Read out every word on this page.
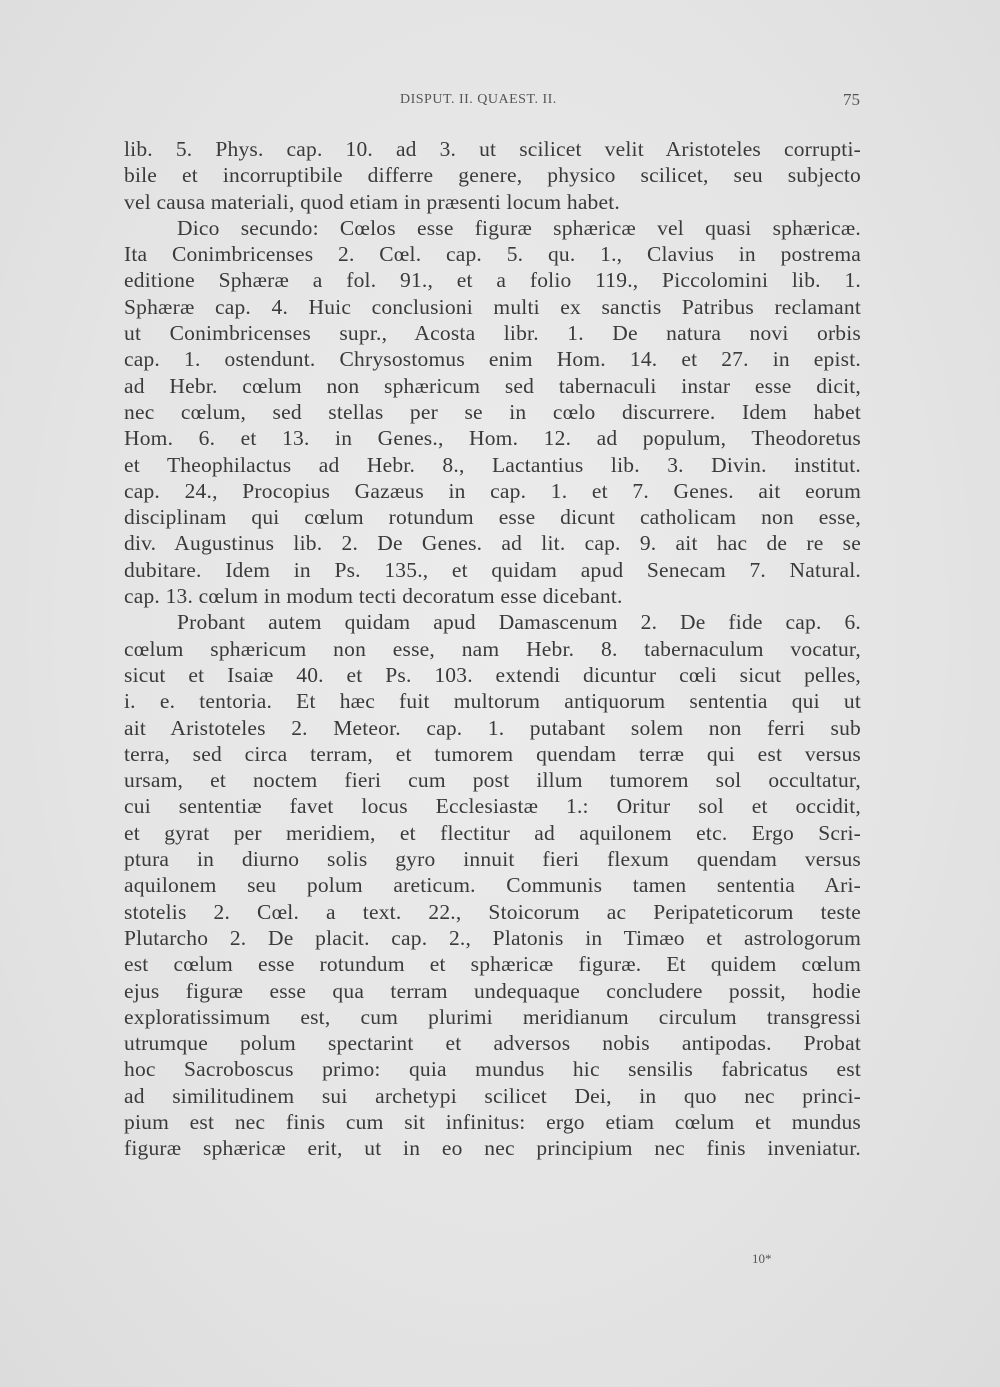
DISPUT. II. QUAEST. II.	75
lib. 5. Phys. cap. 10. ad 3. ut scilicet velit Aristoteles corrupti-
bile et incorruptibile differre genere, physico scilicet, seu subjecto
vel causa materiali, quod etiam in præsenti locum habet.
Dico secundo: Cœlos esse figuræ sphæricæ vel quasi sphæricæ.
Ita Conimbricenses 2. Cœl. cap. 5. qu. 1., Clavius in postrema
editione Sphæræ a fol. 91., et a folio 119., Piccolomini lib. 1.
Sphæræ cap. 4. Huic conclusioni multi ex sanctis Patribus reclamant
ut Conimbricenses supr., Acosta libr. 1. De natura novi orbis
cap. 1. ostendunt. Chrysostomus enim Hom. 14. et 27. in epist.
ad Hebr. cœlum non sphæricum sed tabernaculi instar esse dicit,
nec cœlum, sed stellas per se in cœlo discurrere. Idem habet
Hom. 6. et 13. in Genes., Hom. 12. ad populum, Theodoretus
et Theophilactus ad Hebr. 8., Lactantius lib. 3. Divin. institut.
cap. 24., Procopius Gazæus in cap. 1. et 7. Genes. ait eorum
disciplinam qui cœlum rotundum esse dicunt catholicam non esse,
div. Augustinus lib. 2. De Genes. ad lit. cap. 9. ait hac de re se
dubitare. Idem in Ps. 135., et quidam apud Senecam 7. Natural.
cap. 13. cœlum in modum tecti decoratum esse dicebant.
Probant autem quidam apud Damascenum 2. De fide cap. 6.
cœlum sphæricum non esse, nam Hebr. 8. tabernaculum vocatur,
sicut et Isaiæ 40. et Ps. 103. extendi dicuntur cœli sicut pelles,
i. e. tentoria. Et hæc fuit multorum antiquorum sententia qui ut
ait Aristoteles 2. Meteor. cap. 1. putabant solem non ferri sub
terra, sed circa terram, et tumorem quendam terræ qui est versus
ursam, et noctem fieri cum post illum tumorem sol occultatur,
cui sententiæ favet locus Ecclesiastæ 1.: Oritur sol et occidit,
et gyrat per meridiem, et flectitur ad aquilonem etc. Ergo Scri-
ptura in diurno solis gyro innuit fieri flexum quendam versus
aquilonem seu polum areticum. Communis tamen sententia Ari-
stotelis 2. Cœl. a text. 22., Stoicorum ac Peripateticorum teste
Plutarcho 2. De placit. cap. 2., Platonis in Timæo et astrologorum
est cœlum esse rotundum et sphæricæ figuræ. Et quidem cœlum
ejus figuræ esse qua terram undequaque concludere possit, hodie
exploratissimum est, cum plurimi meridianum circulum transgressi
utrumque polum spectarint et adversos nobis antipodas. Probat
hoc Sacroboscus primo: quia mundus hic sensilis fabricatus est
ad similitudinem sui archetypi scilicet Dei, in quo nec princi-
pium est nec finis cum sit infinitus: ergo etiam cœlum et mundus
figuræ sphæricæ erit, ut in eo nec principium nec finis inveniatur.
10*
